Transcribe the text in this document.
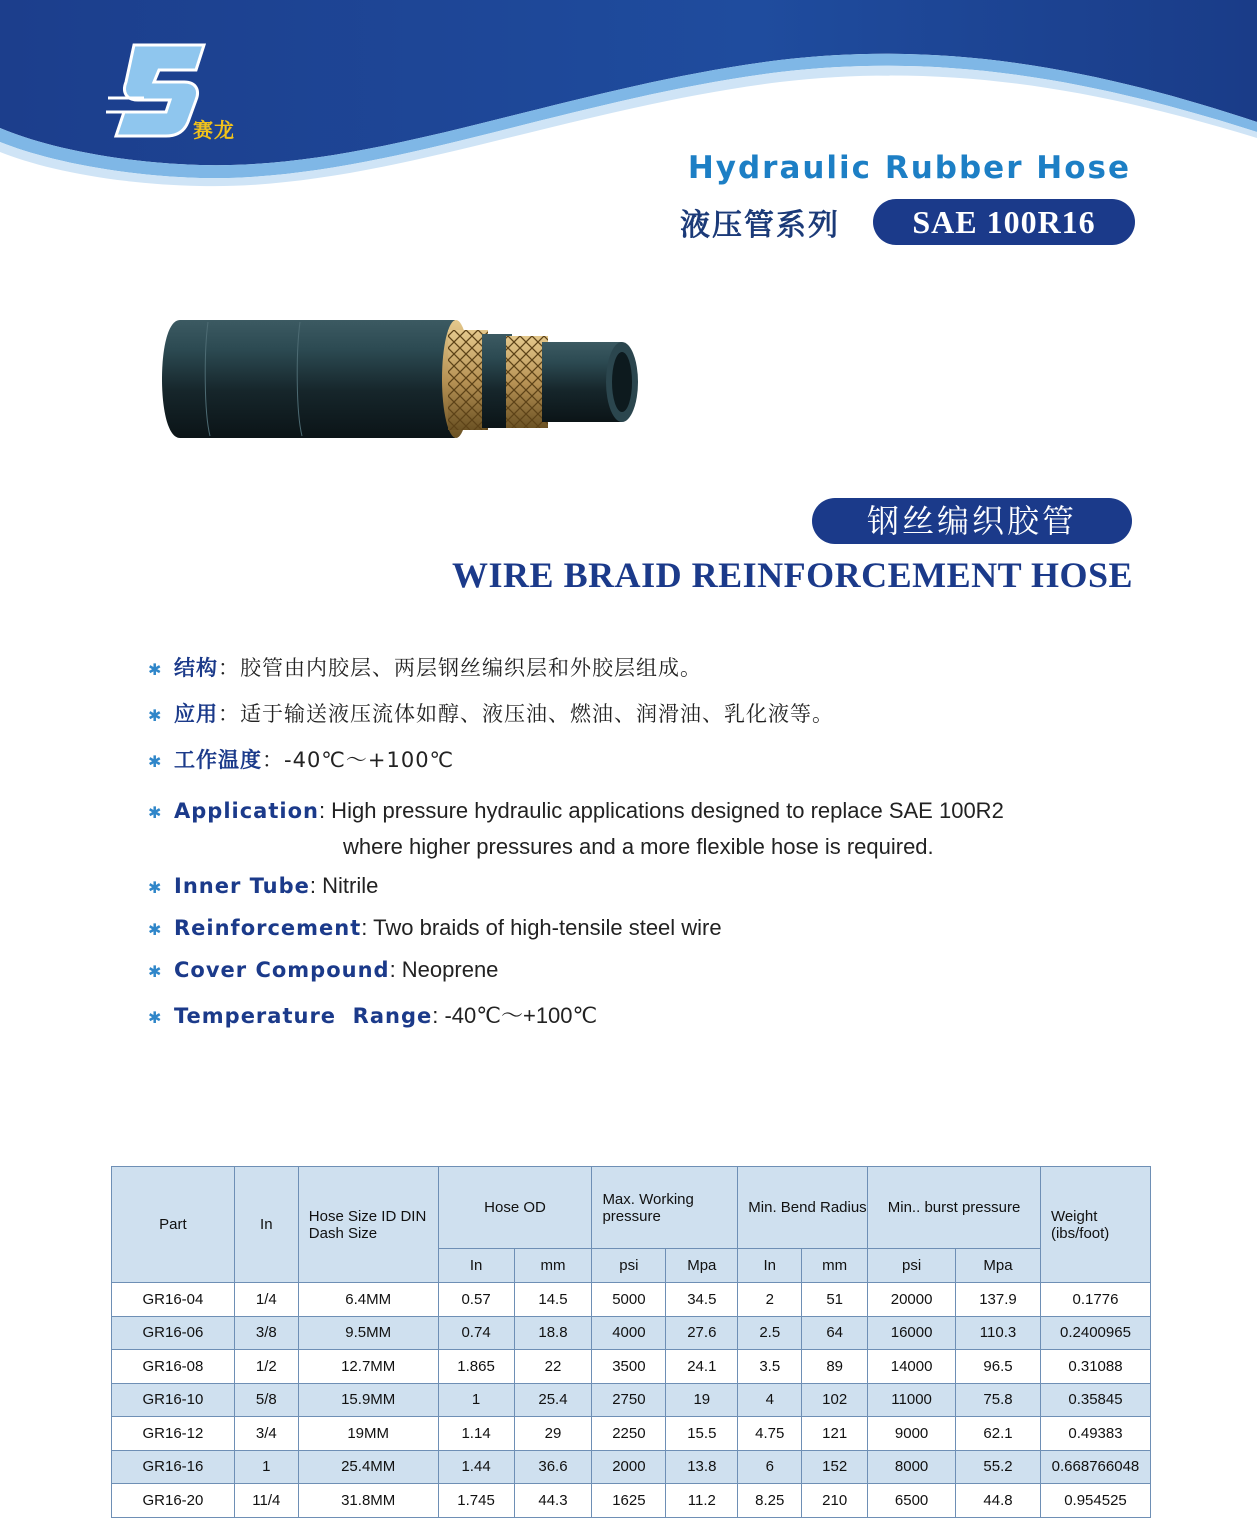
赛龙
Hydraulic Rubber Hose
液压管系列	SAE 100R16
钢丝编织胶管
WIRE BRAID REINFORCEMENT HOSE
✱ 结构：胶管由内胶层、两层钢丝编织层和外胶层组成。
✱ 应用：适于输送液压流体如醇、液压油、燃油、润滑油、乳化液等。
✱ 工作温度：-40℃～+100℃
✱ Application: High pressure hydraulic applications designed to replace SAE 100R2
where higher pressures and a more flexible hose is required.
✱ Inner Tube: Nitrile
✱ Reinforcement: Two braids of high-tensile steel wire
✱ Cover Compound: Neoprene
✱ Temperature  Range: -40℃～+100℃
Part	In	Hose Size ID DIN Dash Size	Hose OD		Max. Working pressure		Min. Bend Radius		Min.. burst pressure		Weight (ibs/foot)
			In	mm	psi	Mpa	In	mm	psi	Mpa	
GR16-04	1/4	6.4MM	0.57	14.5	5000	34.5	2	51	20000	137.9	0.1776
GR16-06	3/8	9.5MM	0.74	18.8	4000	27.6	2.5	64	16000	110.3	0.2400965
GR16-08	1/2	12.7MM	1.865	22	3500	24.1	3.5	89	14000	96.5	0.31088
GR16-10	5/8	15.9MM	1	25.4	2750	19	4	102	11000	75.8	0.35845
GR16-12	3/4	19MM	1.14	29	2250	15.5	4.75	121	9000	62.1	0.49383
GR16-16	1	25.4MM	1.44	36.6	2000	13.8	6	152	8000	55.2	0.668766048
GR16-20	11/4	31.8MM	1.745	44.3	1625	11.2	8.25	210	6500	44.8	0.954525
